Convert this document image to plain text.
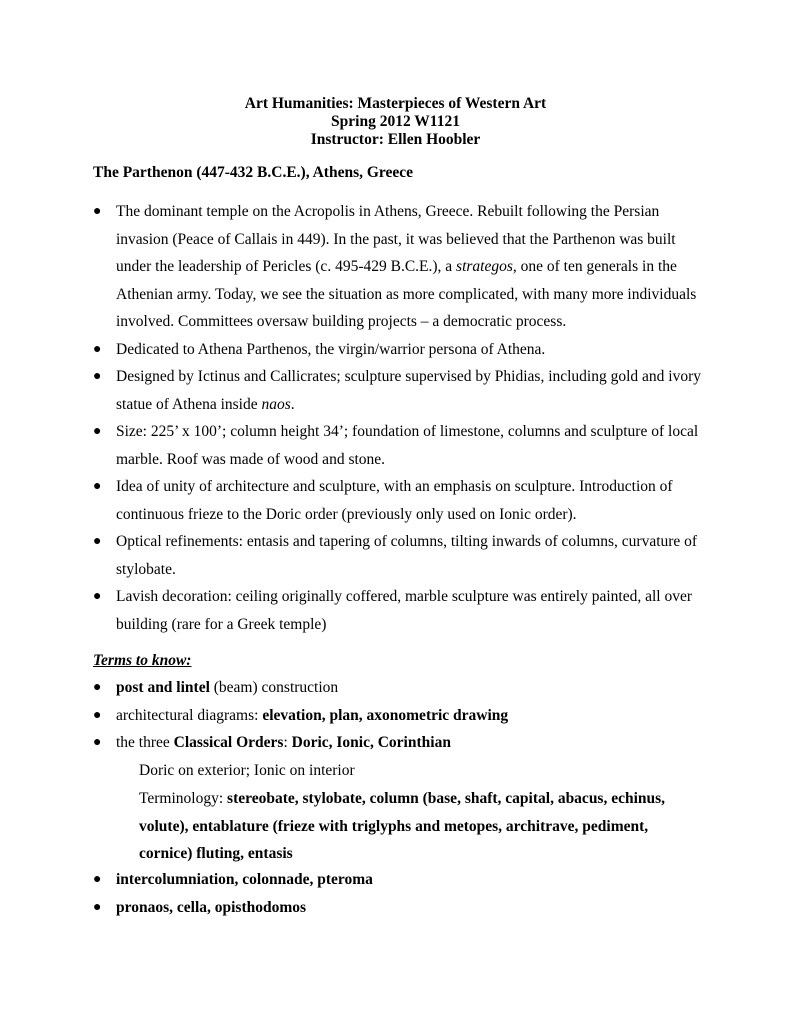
Art Humanities: Masterpieces of Western Art
Spring 2012 W1121
Instructor: Ellen Hoobler
The Parthenon (447-432 B.C.E.), Athens, Greece
● The dominant temple on the Acropolis in Athens, Greece. Rebuilt following the Persian invasion (Peace of Callais in 449). In the past, it was believed that the Parthenon was built under the leadership of Pericles (c. 495-429 B.C.E.), a strategos, one of ten generals in the Athenian army. Today, we see the situation as more complicated, with many more individuals involved. Committees oversaw building projects – a democratic process.
● Dedicated to Athena Parthenos, the virgin/warrior persona of Athena.
● Designed by Ictinus and Callicrates; sculpture supervised by Phidias, including gold and ivory statue of Athena inside naos.
● Size: 225’ x 100’; column height 34’; foundation of limestone, columns and sculpture of local marble. Roof was made of wood and stone.
● Idea of unity of architecture and sculpture, with an emphasis on sculpture. Introduction of continuous frieze to the Doric order (previously only used on Ionic order).
● Optical refinements: entasis and tapering of columns, tilting inwards of columns, curvature of stylobate.
● Lavish decoration: ceiling originally coffered, marble sculpture was entirely painted, all over building (rare for a Greek temple)
Terms to know:
● post and lintel (beam) construction
● architectural diagrams: elevation, plan, axonometric drawing
● the three Classical Orders: Doric, Ionic, Corinthian
Doric on exterior; Ionic on interior
Terminology: stereobate, stylobate, column (base, shaft, capital, abacus, echinus, volute), entablature (frieze with triglyphs and metopes, architrave, pediment, cornice) fluting, entasis
● intercolumniation, colonnade, pteroma
● pronaos, cella, opisthodomos
